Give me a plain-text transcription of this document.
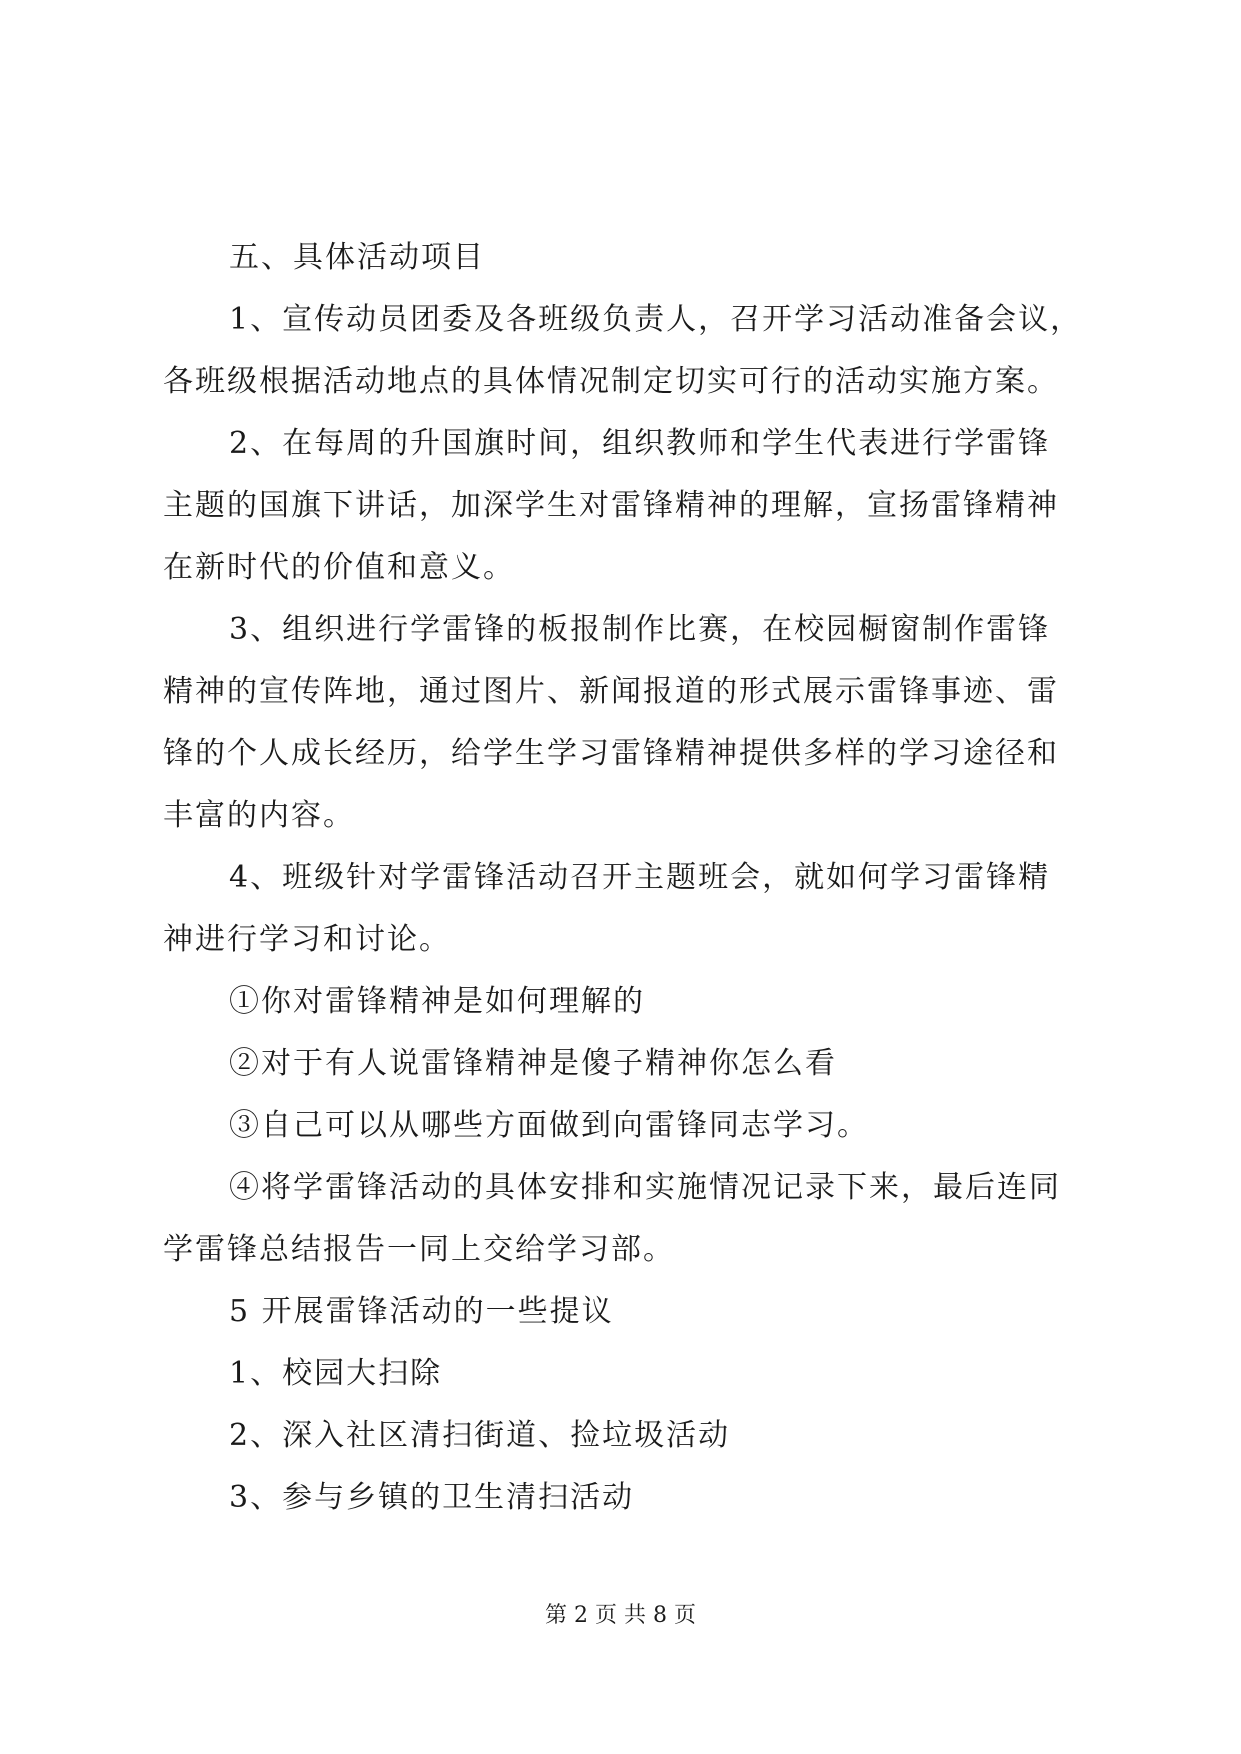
五、具体活动项目
1、宣传动员团委及各班级负责人，召开学习活动准备会议，
各班级根据活动地点的具体情况制定切实可行的活动实施方案。
2、在每周的升国旗时间，组织教师和学生代表进行学雷锋
主题的国旗下讲话，加深学生对雷锋精神的理解，宣扬雷锋精神
在新时代的价值和意义。
3、组织进行学雷锋的板报制作比赛，在校园橱窗制作雷锋
精神的宣传阵地，通过图片、新闻报道的形式展示雷锋事迹、雷
锋的个人成长经历，给学生学习雷锋精神提供多样的学习途径和
丰富的内容。
4、班级针对学雷锋活动召开主题班会，就如何学习雷锋精
神进行学习和讨论。
①你对雷锋精神是如何理解的
②对于有人说雷锋精神是傻子精神你怎么看
③自己可以从哪些方面做到向雷锋同志学习。
④将学雷锋活动的具体安排和实施情况记录下来，最后连同
学雷锋总结报告一同上交给学习部。
5 开展雷锋活动的一些提议
1、校园大扫除
2、深入社区清扫街道、捡垃圾活动
3、参与乡镇的卫生清扫活动
第 2 页 共 8 页
